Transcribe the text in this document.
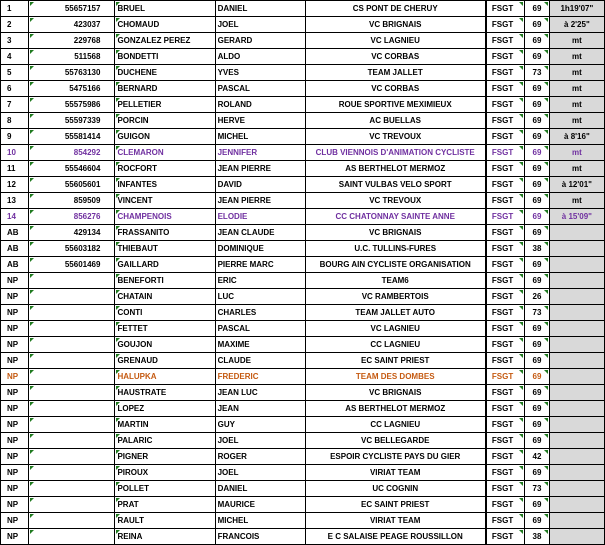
1	55657157	BRUEL	DANIEL	CS PONT DE CHERUY	FSGT	69	1h19'07"
2	423037	CHOMAUD	JOEL	VC BRIGNAIS	FSGT	69	à 2'25"
3	229768	GONZALEZ PEREZ	GERARD	VC LAGNIEU	FSGT	69	mt
4	511568	BONDETTI	ALDO	VC CORBAS	FSGT	69	mt
5	55763130	DUCHENE	YVES	TEAM JALLET	FSGT	73	mt
6	5475166	BERNARD	PASCAL	VC CORBAS	FSGT	69	mt
7	55575986	PELLETIER	ROLAND	ROUE SPORTIVE MEXIMIEUX	FSGT	69	mt
8	55597339	PORCIN	HERVE	AC BUELLAS	FSGT	69	mt
9	55581414	GUIGON	MICHEL	VC TREVOUX	FSGT	69	à 8'16"
10	854292	CLEMARON	JENNIFER	CLUB VIENNOIS D'ANIMATION CYCLISTE	FSGT	69	mt
11	55546604	ROCFORT	JEAN PIERRE	AS BERTHELOT MERMOZ	FSGT	69	mt
12	55605601	INFANTES	DAVID	SAINT VULBAS VELO SPORT	FSGT	69	à 12'01"
13	859509	VINCENT	JEAN PIERRE	VC TREVOUX	FSGT	69	mt
14	856276	CHAMPENOIS	ELODIE	CC CHATONNAY SAINTE ANNE	FSGT	69	à 15'09"
AB	429134	FRASSANITO	JEAN CLAUDE	VC BRIGNAIS	FSGT	69	
AB	55603182	THIEBAUT	DOMINIQUE	U.C. TULLINS-FURES	FSGT	38	
AB	55601469	GAILLARD	PIERRE MARC	BOURG AIN CYCLISTE ORGANISATION	FSGT	69	
NP		BENEFORTI	ERIC	TEAM6	FSGT	69	
NP		CHATAIN	LUC	VC RAMBERTOIS	FSGT	26	
NP		CONTI	CHARLES	TEAM JALLET AUTO	FSGT	73	
NP		FETTET	PASCAL	VC LAGNIEU	FSGT	69	
NP		GOUJON	MAXIME	CC LAGNIEU	FSGT	69	
NP		GRENAUD	CLAUDE	EC SAINT PRIEST	FSGT	69	
NP		HALUPKA	FREDERIC	TEAM DES DOMBES	FSGT	69	
NP		HAUSTRATE	JEAN LUC	VC BRIGNAIS	FSGT	69	
NP		LOPEZ	JEAN	AS BERTHELOT MERMOZ	FSGT	69	
NP		MARTIN	GUY	CC LAGNIEU	FSGT	69	
NP		PALARIC	JOEL	VC BELLEGARDE	FSGT	69	
NP		PIGNER	ROGER	ESPOIR CYCLISTE PAYS DU GIER	FSGT	42	
NP		PIROUX	JOEL	VIRIAT TEAM	FSGT	69	
NP		POLLET	DANIEL	UC COGNIN	FSGT	73	
NP		PRAT	MAURICE	EC SAINT PRIEST	FSGT	69	
NP		RAULT	MICHEL	VIRIAT TEAM	FSGT	69	
NP		REINA	FRANCOIS	E C SALAISE PEAGE ROUSSILLON	FSGT	38	
